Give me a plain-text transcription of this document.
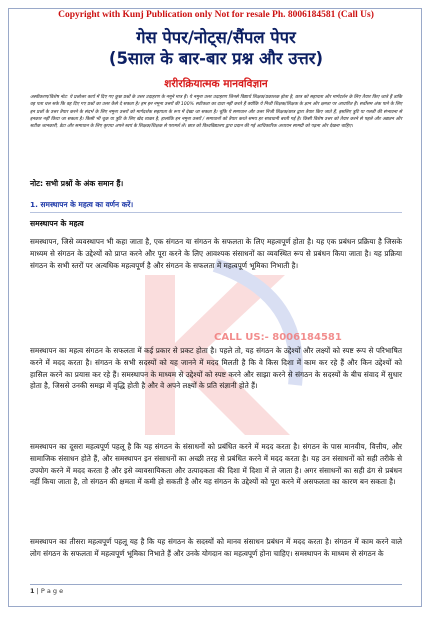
Copyright with Kunj Publication only Not for resale Ph. 8006184581 (Call Us)
गेस पेपर/नोट्स/सैंपल पेपर
(5साल के बार-बार प्रश्न और उत्तर)
शरीरक्रियात्मक मानवविज्ञान
अस्वीकरण/विशेष नोट: ये प्रश्नोत्तर कार्य में दिए गए कुछ प्रश्नों के उत्तर उदाहरण के नमूने मात्र हैं। ये नमूना उत्तर उदाहरण जिनसे विद्यार्थ शिक्षक/प्रकाशक होता है, छात्र को सहायता और मार्गदर्शन के लिए तैयार किए जाते हैं ताकि वह पता चल सके कि वह दिए गए प्रश्नों का उत्तर कैसे दे सकता है। हम इन नमूना उत्तरों की 100% सटीकता का दावा नहीं करते हैं क्योंकि ये निजी शिक्षक/शिक्षक के ज्ञान और क्षमता पर आधारित हैं। सर्वोत्तम अंक पाने के लिए इन प्रश्नों के उत्तर तैयार करने के संदर्भ के लिए नमूना उत्तरों को मार्गदर्शक सहायता के रूप में देखा जा सकता है। चूंकि ये समाधान और उत्तर निजी शिक्षक/छात्र द्वारा तैयार किए जाते हैं, इसलिए त्रुटि या गलती की संभावना से इनकार नहीं किया जा सकता है। किसी भी चूक या त्रुटि के लिए खेद व्यक्त है, हालांकि इन नमूना उत्तरों / समाधानों को तैयार करते समय हर सावधानी बरती गई है। किसी विशेष उत्तर को तैयार करने से पहले और अद्यतन और सटीक जानकारी, डेटा और समाधान के लिए कृपया अपने स्वयं के शिक्षक/शिक्षक से परामर्श लें। छात्र को विश्वविद्यालय द्वारा प्रदान की गई आधिकारिक अध्ययन सामग्री को पढ़ना और देखना चाहिए।
नोट: सभी प्रश्नों के अंक समान हैं।
1. समस्थापन के महत्व का वर्णन करें।
समस्थापन के महत्व
CALL US:- 8006184581

समस्थापन, जिसे व्यवस्थापन भी कहा जाता है, एक संगठन या संगठन के सफलता के लिए महत्वपूर्ण होता है। यह एक प्रबंधन प्रक्रिया है जिसके माध्यम से संगठन के उद्देश्यों को प्राप्त करने और पूरा करने के लिए आवश्यक संसाधनों का व्यवस्थित रूप से प्रबंधन किया जाता है। यह प्रक्रिया संगठन के सभी स्तरों पर अत्यधिक महत्वपूर्ण है और संगठन के सफलता में महत्वपूर्ण भूमिका निभाती है।

समस्थापन का महत्व संगठन के सफलता में कई प्रकार से प्रकट होता है। पहले तो, यह संगठन के उद्देश्यों और लक्ष्यों को स्पष्ट रूप से परिभाषित करने में मदद करता है। संगठन के सभी सदस्यों को यह जानने में मदद मिलती है कि वे किस दिशा में काम कर रहे हैं और किन उद्देश्यों को हासिल करने का प्रयास कर रहे हैं। समस्थापन के माध्यम से उद्देश्यों को स्पष्ट करने और साझा करने से संगठन के सदस्यों के बीच संवाद में सुधार होता है, जिससे उनकी समझ में वृद्धि होती है और वे अपने लक्ष्यों के प्रति संज्ञानी होते हैं।

समस्थापन का दूसरा महत्वपूर्ण पहलू है कि यह संगठन के संसाधनों को प्रबंधित करने में मदद करता है। संगठन के पास मानवीय, वित्तीय, और सामाजिक संसाधन होते हैं, और समस्थापन इन संसाधनों का अच्छी तरह से प्रबंधित करने में मदद करता है। यह उन संसाधनों को सही तरीके से उपयोग करने में मदद करता है और इसे व्यावसायिकता और उत्पादकता की दिशा में दिशा में ले जाता है। अगर संसाधनों का सही ढंग से प्रबंधन नहीं किया जाता है, तो संगठन की क्षमता में कमी हो सकती है और यह संगठन के उद्देश्यों को पूरा करने में असफलता का कारण बन सकता है।

समस्थापन का तीसरा महत्वपूर्ण पहलू यह है कि यह संगठन के सदस्यों को मानव संसाधन प्रबंधन में मदद करता है। संगठन में काम करने वाले लोग संगठन के सफलता में महत्वपूर्ण भूमिका निभाते हैं और उनके योगदान का महत्वपूर्ण होना चाहिए। समस्थापन के माध्यम से संगठन के

1 | P a g e
